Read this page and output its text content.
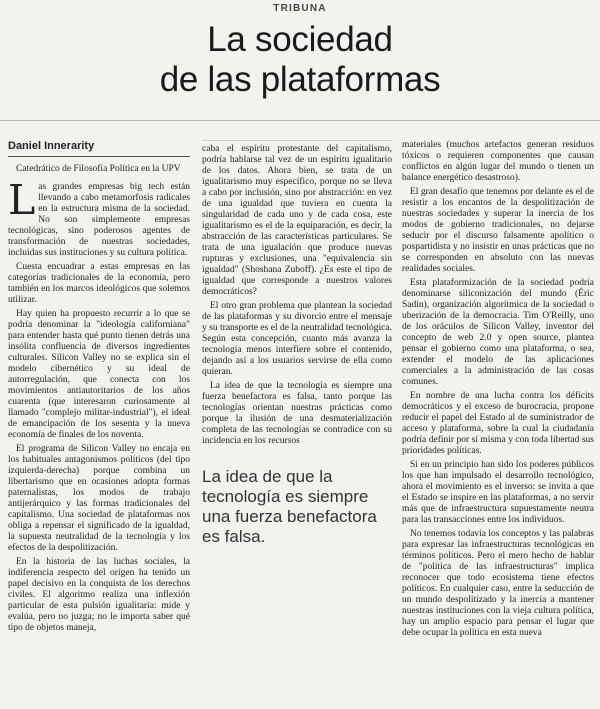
TRIBUNA
La sociedad
de las plataformas
Daniel Innerarity
Catedrático de Filosofía Política en la UPV

Las grandes empresas big tech están llevando a cabo metamorfosis radicales en la estructura misma de la sociedad. No son simplemente empresas tecnológicas, sino poderosos agentes de transformación de nuestras sociedades, incluidas sus instituciones y su cultura política.

Cuesta encuadrar a estas empresas en las categorías tradicionales de la economía, pero también en los marcos ideológicos que solemos utilizar.

Hay quien ha propuesto recurrir a lo que se podría denominar la "ideología californiana" para entender hasta qué punto tienen detrás una insólita confluencia de diversos ingredientes culturales. Silicon Valley no se explica sin el modelo cibernético y su ideal de autorregulación, que conecta con los movimientos antiautoritarios de los años cuarenta (que interesaron curiosamente al llamado "complejo militar-industrial"), el ideal de emancipación de los sesenta y la nueva economía de finales de los noventa.

El programa de Silicon Valley no encaja en los habituales antagonismos políticos (del tipo izquierda-derecha) porque combina un libertarismo que en ocasiones adopta formas paternalistas, los modos de trabajo antijerárquico y las formas tradicionales del capitalismo. Una sociedad de plataformas nos obliga a repensar el significado de la igualdad, la supuesta neutralidad de la tecnología y los efectos de la despolitización.

En la historia de las luchas sociales, la indiferencia respecto del origen ha tenido un papel decisivo en la conquista de los derechos civiles. El algoritmo realiza una inflexión particular de esta pulsión igualitaria: mide y evalúa, pero no juzga; no le importa saber qué tipo de objetos maneja,

caba el espíritu protestante del capitalismo, podría hablarse tal vez de un espíritu igualitario de los datos. Ahora bien, se trata de un igualitarismo muy específico, porque no se lleva a cabo por inclusión, sino por abstracción: en vez de una igualdad que tuviera en cuenta la singularidad de cada uno y de cada cosa, este igualitarismo es el de la equiparación, es decir, la abstracción de las características particulares. Se trata de una igualación que produce nuevas rupturas y exclusiones, una "equivalencia sin igualdad" (Shoshana Zuboff). ¿Es este el tipo de igualdad que corresponde a nuestros valores democráticos?

El otro gran problema que plantean la sociedad de las plataformas y su divorcio entre el mensaje y su transporte es el de la neutralidad tecnológica. Según esta concepción, cuanto más avanza la tecnología menos interfiere sobre el contenido, dejando así a los usuarios servirse de ella como quieran.

La idea de que la tecnología es siempre una fuerza benefactora es falsa, tanto porque las tecnologías orientan nuestras prácticas como porque la ilusión de una desmaterialización completa de las tecnologías se contradice con su incidencia en los recursos

La idea de que la tecnología es siempre una fuerza benefactora es falsa.

materiales (muchos artefactos generan residuos tóxicos o requieren componentes que causan conflictos en algún lugar del mundo o tienen un balance energético desastroso).

El gran desafío que tenemos por delante es el de resistir a los encantos de la despolitización de nuestras sociedades y superar la inercia de los modos de gobierno tradicionales, no dejarse seducir por el discurso falsamente apolítico o pospartidista y no insistir en unas prácticas que no se corresponden en absoluto con las nuevas realidades sociales.

Esta plataformización de la sociedad podría denominarse siliconización del mundo (Éric Sadin), organización algorítmica de la sociedad o uberización de la democracia. Tim O'Reilly, uno de los oráculos de Silicon Valley, inventor del concepto de web 2.0 y open source, plantea pensar el gobierno como una plataforma, o sea, extender el modelo de las aplicaciones comerciales a la administración de las cosas comunes.

En nombre de una lucha contra los déficits democráticos y el exceso de burocracia, propone reducir el papel del Estado al de suministrador de acceso y plataforma, sobre la cual la ciudadanía podría definir por sí misma y con toda libertad sus prioridades políticas.

Si en un principio han sido los poderes públicos los que han impulsado el desarrollo tecnológico, ahora el movimiento es el inverso: se invita a que el Estado se inspire en las plataformas, a no servir más que de infraestructura supuestamente neutra para las transacciones entre los individuos.

No tenemos todavía los conceptos y las palabras para expresar las infraestructuras tecnológicas en términos políticos. Pero el mero hecho de hablar de "política de las infraestructuras" implica reconocer que todo ecosistema tiene efectos políticos. En cualquier caso, entre la seducción de un mundo despolitizado y la inercia a mantener nuestras instituciones con la vieja cultura política, hay un amplio espacio para pensar el lugar que debe ocupar la política en esta nueva
